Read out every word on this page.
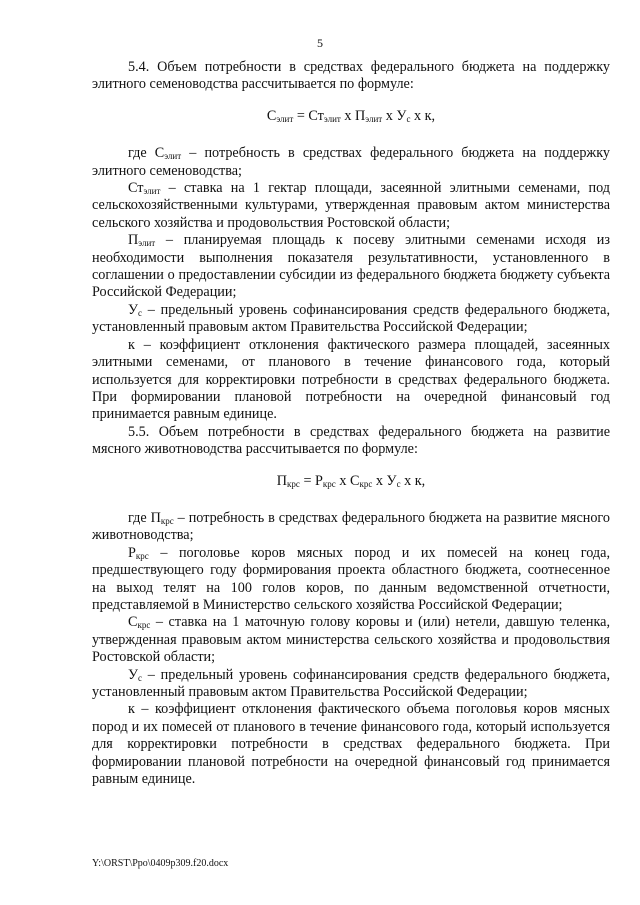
5

5.4. Объем потребности в средствах федерального бюджета на поддержку элитного семеноводства рассчитывается по формуле:

$С_{элит} = Ст_{элит}$ х $П_{элит}$ х $У_с$ х к,

где $С_{элит}$ – потребность в средствах федерального бюджета на поддержку элитного семеноводства;

$Ст_{элит}$ – ставка на 1 гектар площади, засеянной элитными семенами, под сельскохозяйственными культурами, утвержденная правовым актом министерства сельского хозяйства и продовольствия Ростовской области;

$П_{элит}$ – планируемая площадь к посеву элитными семенами исходя из необходимости выполнения показателя результативности, установленного в соглашении о предоставлении субсидии из федерального бюджета бюджету субъекта Российской Федерации;

$У_с$ – предельный уровень софинансирования средств федерального бюджета, установленный правовым актом Правительства Российской Федерации;

к – коэффициент отклонения фактического размера площадей, засеянных элитными семенами, от планового в течение финансового года, который используется для корректировки потребности в средствах федерального бюджета. При формировании плановой потребности на очередной финансовый год принимается равным единице.

5.5. Объем потребности в средствах федерального бюджета на развитие мясного животноводства рассчитывается по формуле:

$П_{крс} = Р_{крс}$ х $С_{крс}$ х $У_с$ х к,

где $П_{крс}$ – потребность в средствах федерального бюджета на развитие мясного животноводства;

$Р_{крс}$ – поголовье коров мясных пород и их помесей на конец года, предшествующего году формирования проекта областного бюджета, соотнесенное на выход телят на 100 голов коров, по данным ведомственной отчетности, представляемой в Министерство сельского хозяйства Российской Федерации;

$С_{крс}$ – ставка на 1 маточную голову коровы и (или) нетели, давшую теленка, утвержденная правовым актом министерства сельского хозяйства и продовольствия Ростовской области;

$У_с$ – предельный уровень софинансирования средств федерального бюджета, установленный правовым актом Правительства Российской Федерации;

к – коэффициент отклонения фактического объема поголовья коров мясных пород и их помесей от планового в течение финансового года, который используется для корректировки потребности в средствах федерального бюджета. При формировании плановой потребности на очередной финансовый год принимается равным единице.

Y:\ORST\Ppo\0409p309.f20.docx
